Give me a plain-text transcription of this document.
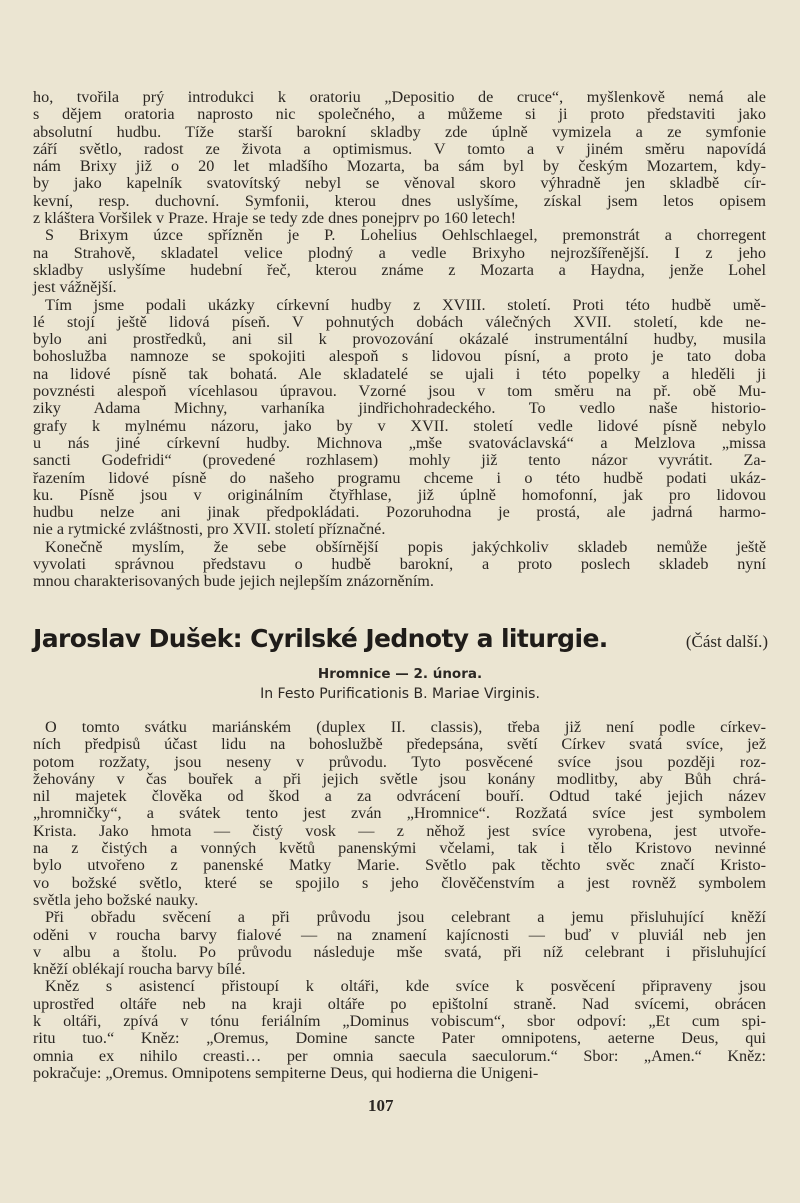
ho, tvořila prý introdukci k oratoriu „Depositio de cruce“, myšlenkově nemá ale
s dějem oratoria naprosto nic společného, a můžeme si ji proto představiti jako
absolutní hudbu. Tíže starší barokní skladby zde úplně vymizela a ze symfonie
září světlo, radost ze života a optimismus. V tomto a v jiném směru napovídá
nám Brixy již o 20 let mladšího Mozarta, ba sám byl by českým Mozartem, kdy-
by jako kapelník svatovítský nebyl se věnoval skoro výhradně jen skladbě cír-
kevní, resp. duchovní. Symfonii, kterou dnes uslyšíme, získal jsem letos opisem
z kláštera Voršilek v Praze. Hraje se tedy zde dnes ponejprv po 160 letech!
S Brixym úzce spřízněn je P. Lohelius Oehlschlaegel, premonstrát a chorregent
na Strahově, skladatel velice plodný a vedle Brixyho nejrozšířenější. I z jeho
skladby uslyšíme hudební řeč, kterou známe z Mozarta a Haydna, jenže Lohel
jest vážnější.
Tím jsme podali ukázky církevní hudby z XVIII. století. Proti této hudbě umě-
lé stojí ještě lidová píseň. V pohnutých dobách válečných XVII. století, kde ne-
bylo ani prostředků, ani sil k provozování okázalé instrumentální hudby, musila
bohoslužba namnoze se spokojiti alespoň s lidovou písní, a proto je tato doba
na lidové písně tak bohatá. Ale skladatelé se ujali i této popelky a hleděli ji
povznésti alespoň vícehlasou úpravou. Vzorné jsou v tom směru na př. obě Mu-
ziky Adama Michny, varhaníka jindřichohradeckého. To vedlo naše historio-
grafy k mylnému názoru, jako by v XVII. století vedle lidové písně nebylo
u nás jiné církevní hudby. Michnova „mše svatováclavská“ a Melzlova „missa
sancti Godefridi“ (provedené rozhlasem) mohly již tento názor vyvrátit. Za-
řazením lidové písně do našeho programu chceme i o této hudbě podati ukáz-
ku. Písně jsou v originálním čtyřhlase, již úplně homofonní, jak pro lidovou
hudbu nelze ani jinak předpokládati. Pozoruhodna je prostá, ale jadrná harmo-
nie a rytmické zvláštnosti, pro XVII. století příznačné.
Konečně myslím, že sebe obšírnější popis jakýchkoliv skladeb nemůže ještě
vyvolati správnou představu o hudbě barokní, a proto poslech skladeb nyní
mnou charakterisovaných bude jejich nejlepším znázorněním.
Jaroslav Dušek: Cyrilské Jednoty a liturgie.	(Část další.)
Hromnice — 2. února.
In Festo Purificationis B. Mariae Virginis.
O tomto svátku mariánském (duplex II. classis), třeba již není podle církev-
ních předpisů účast lidu na bohoslužbě předepsána, světí Církev svatá svíce, jež
potom rozžaty, jsou neseny v průvodu. Tyto posvěcené svíce jsou později roz-
žehovány v čas bouřek a při jejich světle jsou konány modlitby, aby Bůh chrá-
nil majetek člověka od škod a za odvrácení bouří. Odtud také jejich název
„hromničky“, a svátek tento jest zván „Hromnice“. Rozžatá svíce jest symbolem
Krista. Jako hmota — čistý vosk — z něhož jest svíce vyrobena, jest utvoře-
na z čistých a vonných květů panenskými včelami, tak i tělo Kristovo nevinné
bylo utvořeno z panenské Matky Marie. Světlo pak těchto svěc značí Kristo-
vo božské světlo, které se spojilo s jeho člověčenstvím a jest rovněž symbolem
světla jeho božské nauky.
Při obřadu svěcení a při průvodu jsou celebrant a jemu přisluhující kněží
oděni v roucha barvy fialové — na znamení kajícnosti — buď v pluviál neb jen
v albu a štolu. Po průvodu následuje mše svatá, při níž celebrant i přisluhující
kněží oblékají roucha barvy bílé.
Kněz s asistencí přistoupí k oltáři, kde svíce k posvěcení připraveny jsou
uprostřed oltáře neb na kraji oltáře po epištolní straně. Nad svícemi, obrácen
k oltáři, zpívá v tónu feriálním „Dominus vobiscum“, sbor odpoví: „Et cum spi-
ritu tuo.“ Kněz: „Oremus, Domine sancte Pater omnipotens, aeterne Deus, qui
omnia ex nihilo creasti… per omnia saecula saeculorum.“ Sbor: „Amen.“ Kněz:
pokračuje: „Oremus. Omnipotens sempiterne Deus, qui hodierna die Unigeni-
107
